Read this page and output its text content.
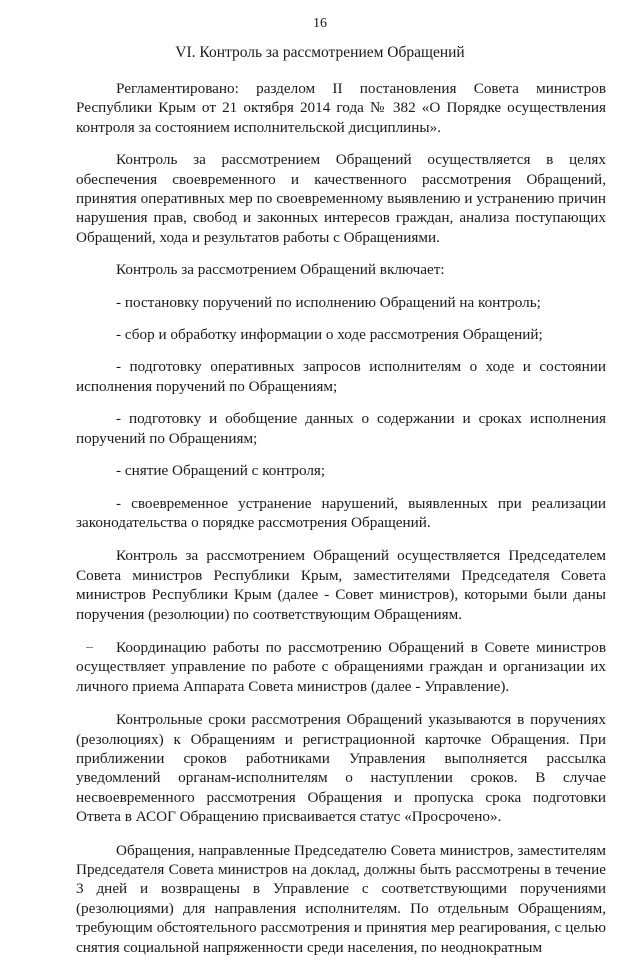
16
VI. Контроль за рассмотрением Обращений

Регламентировано: разделом II постановления Совета министров Республики Крым от 21 октября 2014 года № 382 «О Порядке осуществления контроля за состоянием исполнительской дисциплины».

Контроль за рассмотрением Обращений осуществляется в целях обеспечения своевременного и качественного рассмотрения Обращений, принятия оперативных мер по своевременному выявлению и устранению причин нарушения прав, свобод и законных интересов граждан, анализа поступающих Обращений, хода и результатов работы с Обращениями.

Контроль за рассмотрением Обращений включает:

- постановку поручений по исполнению Обращений на контроль;

- сбор и обработку информации о ходе рассмотрения Обращений;

- подготовку оперативных запросов исполнителям о ходе и состоянии исполнения поручений по Обращениям;

- подготовку и обобщение данных о содержании и сроках исполнения поручений по Обращениям;

- снятие Обращений с контроля;

- своевременное устранение нарушений, выявленных при реализации законодательства о порядке рассмотрения Обращений.

Контроль за рассмотрением Обращений осуществляется Председателем Совета министров Республики Крым, заместителями Председателя Совета министров Республики Крым (далее - Совет министров), которыми были даны поручения (резолюции) по соответствующим Обращениям.

Координацию работы по рассмотрению Обращений в Совете министров осуществляет управление по работе с обращениями граждан и организации их личного приема Аппарата Совета министров (далее - Управление).

Контрольные сроки рассмотрения Обращений указываются в поручениях (резолюциях) к Обращениям и регистрационной карточке Обращения. При приближении сроков работниками Управления выполняется рассылка уведомлений органам-исполнителям о наступлении сроков. В случае несвоевременного рассмотрения Обращения и пропуска срока подготовки Ответа в АСОГ Обращению присваивается статус «Просрочено».

Обращения, направленные Председателю Совета министров, заместителям Председателя Совета министров на доклад, должны быть рассмотрены в течение 3 дней и возвращены в Управление с соответствующими поручениями (резолюциями) для направления исполнителям. По отдельным Обращениям, требующим обстоятельного рассмотрения и принятия мер реагирования, с целью снятия социальной напряженности среди населения, по неоднократным
